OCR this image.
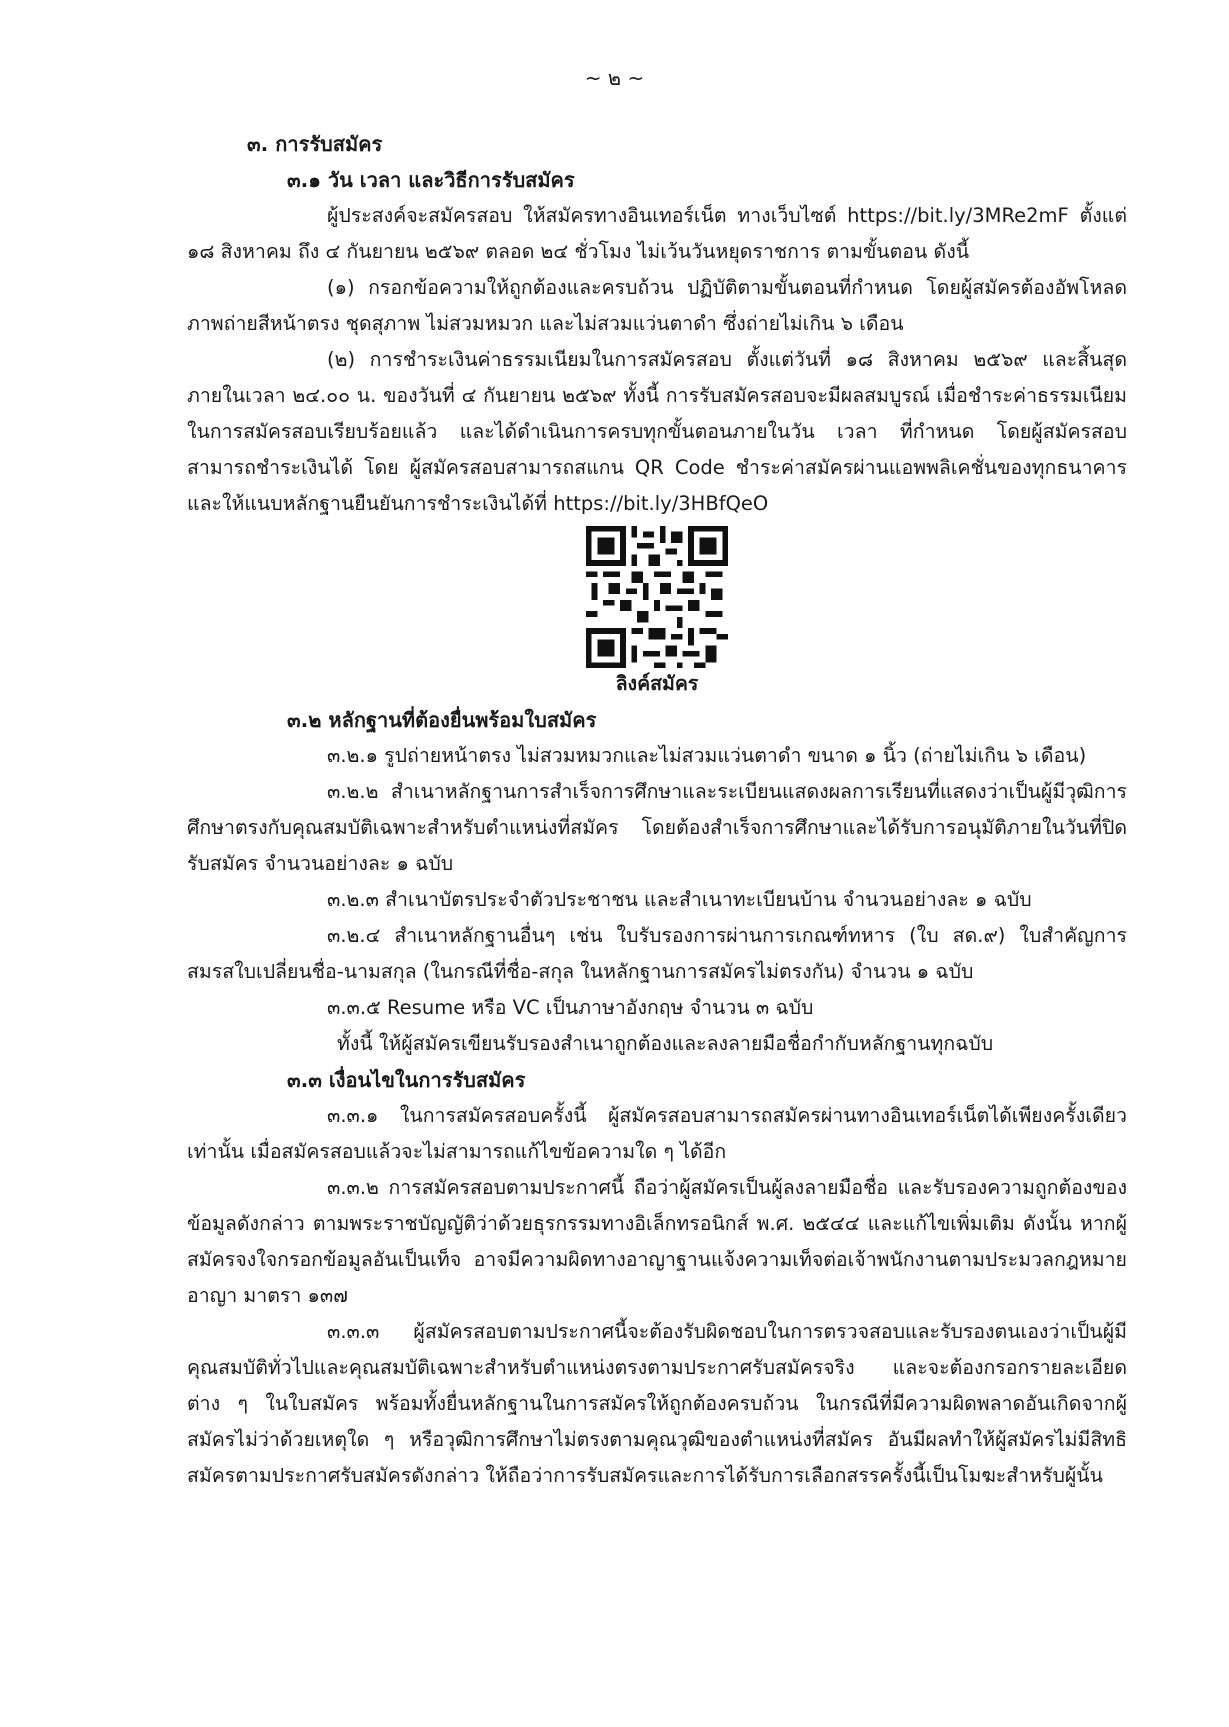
~ ๒ ~

๓. การรับสมัคร

๓.๑ วัน เวลา และวิธีการรับสมัคร

ผู้ประสงค์จะสมัครสอบ ให้สมัครทางอินเทอร์เน็ต ทางเว็บไซต์ https://bit.ly/3MRe2mF ตั้งแต่ ๑๘ สิงหาคม ถึง ๔ กันยายน ๒๕๖๙ ตลอด ๒๔ ชั่วโมง ไม่เว้นวันหยุดราชการ ตามขั้นตอน ดังนี้

(๑) กรอกข้อความให้ถูกต้องและครบถ้วน ปฏิบัติตามขั้นตอนที่กำหนด โดยผู้สมัครต้องอัพโหลดภาพถ่ายสีหน้าตรง ชุดสุภาพ ไม่สวมหมวก และไม่สวมแว่นตาดำ ซึ่งถ่ายไม่เกิน ๖ เดือน

(๒) การชำระเงินค่าธรรมเนียมในการสมัครสอบ ตั้งแต่วันที่ ๑๘ สิงหาคม ๒๕๖๙ และสิ้นสุดภายในเวลา ๒๔.๐๐ น. ของวันที่ ๔ กันยายน ๒๕๖๙ ทั้งนี้ การรับสมัครสอบจะมีผลสมบูรณ์ เมื่อชำระค่าธรรมเนียมในการสมัครสอบเรียบร้อยแล้ว และได้ดำเนินการครบทุกขั้นตอนภายในวัน เวลา ที่กำหนด โดยผู้สมัครสอบสามารถชำระเงินได้ โดย ผู้สมัครสอบสามารถสแกน QR Code ชำระค่าสมัครผ่านแอพพลิเคชั่นของทุกธนาคาร และให้แนบหลักฐานยืนยันการชำระเงินได้ที่ https://bit.ly/3HBfQeO

ลิงค์สมัคร

๓.๒ หลักฐานที่ต้องยื่นพร้อมใบสมัคร

๓.๒.๑ รูปถ่ายหน้าตรง ไม่สวมหมวกและไม่สวมแว่นตาดำ ขนาด ๑ นิ้ว (ถ่ายไม่เกิน ๖ เดือน)

๓.๒.๒ สำเนาหลักฐานการสำเร็จการศึกษาและระเบียนแสดงผลการเรียนที่แสดงว่าเป็นผู้มีวุฒิการศึกษาตรงกับคุณสมบัติเฉพาะสำหรับตำแหน่งที่สมัคร โดยต้องสำเร็จการศึกษาและได้รับการอนุมัติภายในวันที่ปิดรับสมัคร จำนวนอย่างละ ๑ ฉบับ

๓.๒.๓ สำเนาบัตรประจำตัวประชาชน และสำเนาทะเบียนบ้าน จำนวนอย่างละ ๑ ฉบับ

๓.๒.๔ สำเนาหลักฐานอื่นๆ เช่น ใบรับรองการผ่านการเกณฑ์ทหาร (ใบ สด.๙) ใบสำคัญการสมรสใบเปลี่ยนชื่อ-นามสกุล (ในกรณีที่ชื่อ-สกุล ในหลักฐานการสมัครไม่ตรงกัน) จำนวน ๑ ฉบับ

๓.๓.๕ Resume หรือ VC เป็นภาษาอังกฤษ จำนวน ๓ ฉบับ

ทั้งนี้ ให้ผู้สมัครเขียนรับรองสำเนาถูกต้องและลงลายมือชื่อกำกับหลักฐานทุกฉบับ

๓.๓ เงื่อนไขในการรับสมัคร

๓.๓.๑ ในการสมัครสอบครั้งนี้ ผู้สมัครสอบสามารถสมัครผ่านทางอินเทอร์เน็ตได้เพียงครั้งเดียวเท่านั้น เมื่อสมัครสอบแล้วจะไม่สามารถแก้ไขข้อความใด ๆ ได้อีก

๓.๓.๒ การสมัครสอบตามประกาศนี้ ถือว่าผู้สมัครเป็นผู้ลงลายมือชื่อ และรับรองความถูกต้องของข้อมูลดังกล่าว ตามพระราชบัญญัติว่าด้วยธุรกรรมทางอิเล็กทรอนิกส์ พ.ศ. ๒๕๔๔ และแก้ไขเพิ่มเติม ดังนั้น หากผู้สมัครจงใจกรอกข้อมูลอันเป็นเท็จ อาจมีความผิดทางอาญาฐานแจ้งความเท็จต่อเจ้าพนักงานตามประมวลกฎหมายอาญา มาตรา ๑๓๗

๓.๓.๓ ผู้สมัครสอบตามประกาศนี้จะต้องรับผิดชอบในการตรวจสอบและรับรองตนเองว่าเป็นผู้มีคุณสมบัติทั่วไปและคุณสมบัติเฉพาะสำหรับตำแหน่งตรงตามประกาศรับสมัครจริง และจะต้องกรอกรายละเอียดต่าง ๆ ในใบสมัคร พร้อมทั้งยื่นหลักฐานในการสมัครให้ถูกต้องครบถ้วน ในกรณีที่มีความผิดพลาดอันเกิดจากผู้สมัครไม่ว่าด้วยเหตุใด ๆ หรือวุฒิการศึกษาไม่ตรงตามคุณวุฒิของตำแหน่งที่สมัคร อันมีผลทำให้ผู้สมัครไม่มีสิทธิสมัครตามประกาศรับสมัครดังกล่าว ให้ถือว่าการรับสมัครและการได้รับการเลือกสรรครั้งนี้เป็นโมฆะสำหรับผู้นั้น
